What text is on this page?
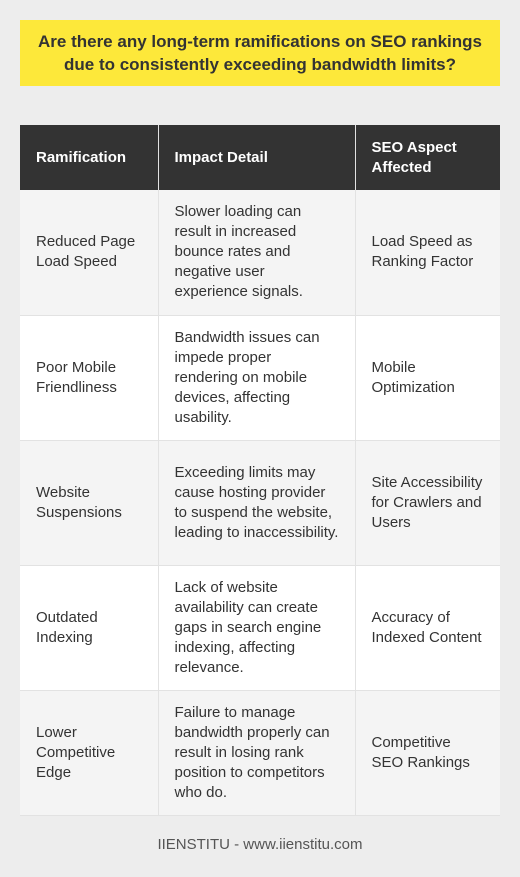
Are there any long-term ramifications on SEO rankings due to consistently exceeding bandwidth limits?
Ramification	Impact Detail	SEO Aspect Affected
Reduced Page Load Speed	Slower loading can result in increased bounce rates and negative user experience signals.	Load Speed as Ranking Factor
Poor Mobile Friendliness	Bandwidth issues can impede proper rendering on mobile devices, affecting usability.	Mobile Optimization
Website Suspensions	Exceeding limits may cause hosting provider to suspend the website, leading to inaccessibility.	Site Accessibility for Crawlers and Users
Outdated Indexing	Lack of website availability can create gaps in search engine indexing, affecting relevance.	Accuracy of Indexed Content
Lower Competitive Edge	Failure to manage bandwidth properly can result in losing rank position to competitors who do.	Competitive SEO Rankings
IIENSTITU - www.iienstitu.com
